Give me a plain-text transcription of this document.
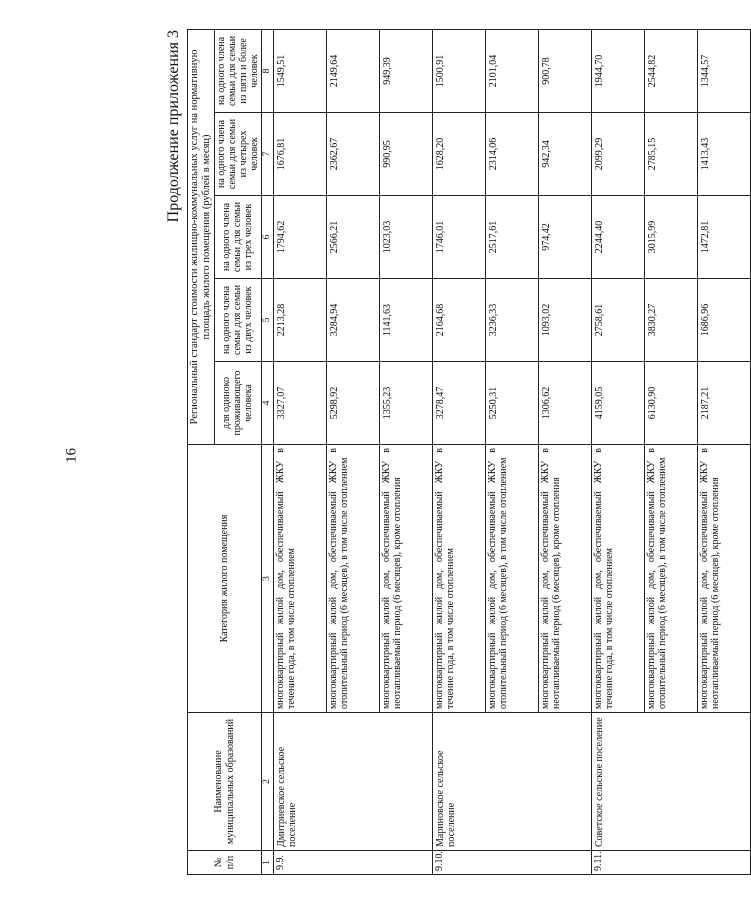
16
Продолжение приложения 3
№ п/п	Наименование муниципальных образований	Категория жилого помещения	Региональный стандарт стоимости жилищно-коммунальных услуг на нормативную площадь жилого помещения (рублей в месяц)				
			для одиноко проживающего человека	на одного члена семьи для семьи из двух человек	на одного члена семьи для семьи из трех человек	на одного члена семьи для семьи из четырех человек	на одного члена семьи для семьи из пяти и более человек
1	2	3	4	5	6	7	8
9.9.	Дмитриевское сельское поселение	многоквартирный жилой дом, обеспечиваемый ЖКУ в течение года, в том числе отоплением	3327,07	2213,28	1794,62	1676,81	1549,51
		многоквартирный жилой дом, обеспечиваемый ЖКУ в отопительный период (6 месяцев), в том числе отоплением	5298,92	3284,94	2566,21	2362,67	2149,64
		многоквартирный жилой дом, обеспечиваемый ЖКУ в неотапливаемый период (6 месяцев), кроме отопления	1355,23	1141,63	1023,03	990,95	949,39
9.10.	Мариновское сельское поселение	многоквартирный жилой дом, обеспечиваемый ЖКУ в течение года, в том числе отоплением	3278,47	2164,68	1746,01	1628,20	1500,91
		многоквартирный жилой дом, обеспечиваемый ЖКУ в отопительный период (6 месяцев), в том числе отоплением	5250,31	3236,33	2517,61	2314,06	2101,04
		многоквартирный жилой дом, обеспечиваемый ЖКУ в неотапливаемый период (6 месяцев), кроме отопления	1306,62	1093,02	974,42	942,34	900,78
9.11.	Советское сельское поселение	многоквартирный жилой дом, обеспечиваемый ЖКУ в течение года, в том числе отоплением	4159,05	2758,61	2244,40	2099,29	1944,70
		многоквартирный жилой дом, обеспечиваемый ЖКУ в отопительный период (6 месяцев), в том числе отоплением	6130,90	3830,27	3015,99	2785,15	2544,82
		многоквартирный жилой дом, обеспечиваемый ЖКУ в неотапливаемый период (6 месяцев), кроме отопления	2187,21	1686,96	1472,81	1413,43	1344,57
